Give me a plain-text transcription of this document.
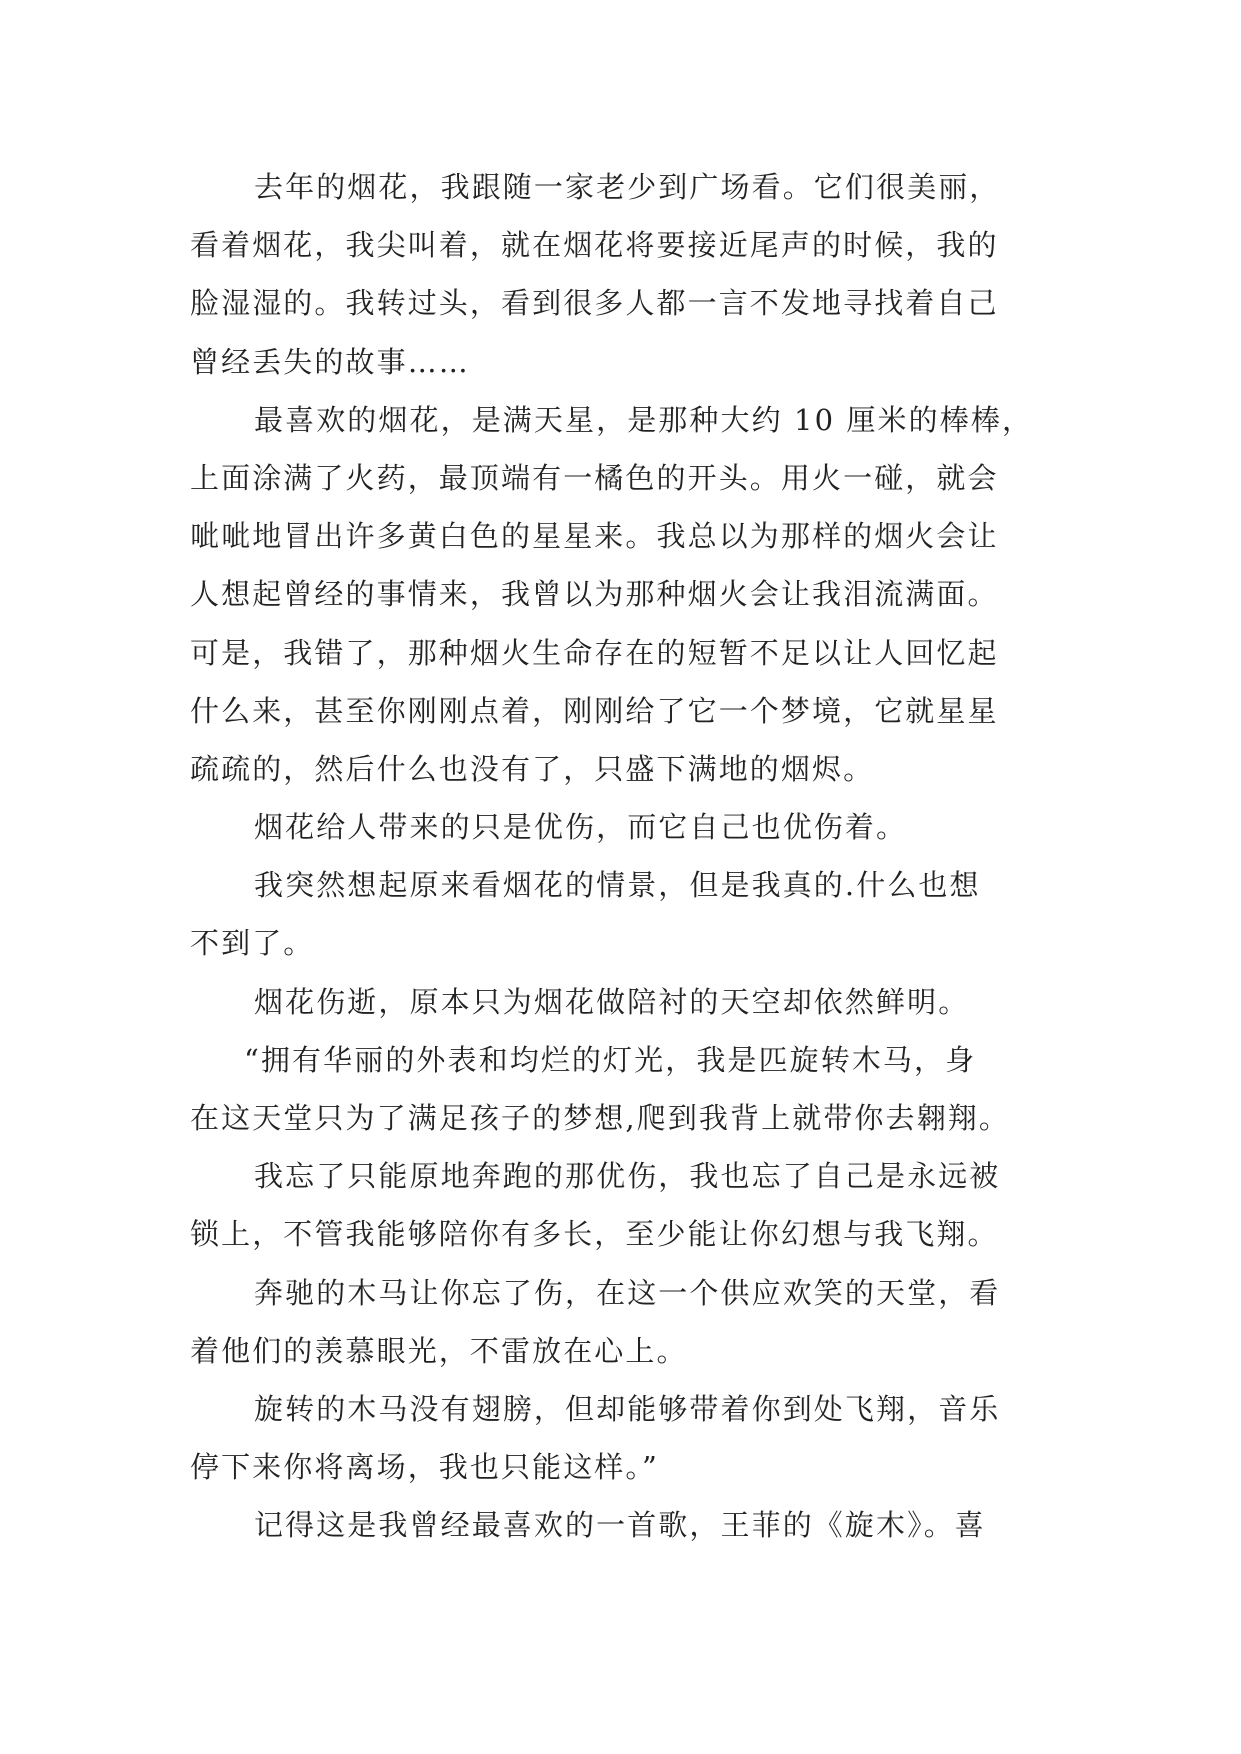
去年的烟花，我跟随一家老少到广场看。它们很美丽，
看着烟花，我尖叫着，就在烟花将要接近尾声的时候，我的
脸湿湿的。我转过头，看到很多人都一言不发地寻找着自己
曾经丢失的故事……
最喜欢的烟花，是满天星，是那种大约 10 厘米的棒棒，
上面涂满了火药，最顶端有一橘色的开头。用火一碰，就会
呲呲地冒出许多黄白色的星星来。我总以为那样的烟火会让
人想起曾经的事情来，我曾以为那种烟火会让我泪流满面。
可是，我错了，那种烟火生命存在的短暂不足以让人回忆起
什么来，甚至你刚刚点着，刚刚给了它一个梦境，它就星星
疏疏的，然后什么也没有了，只盛下满地的烟烬。
烟花给人带来的只是优伤，而它自己也优伤着。
我突然想起原来看烟花的情景，但是我真的.什么也想
不到了。
烟花伤逝，原本只为烟花做陪衬的天空却依然鲜明。
“拥有华丽的外表和均烂的灯光，我是匹旋转木马，身
在这天堂只为了满足孩子的梦想,爬到我背上就带你去翱翔。
我忘了只能原地奔跑的那优伤，我也忘了自己是永远被
锁上，不管我能够陪你有多长，至少能让你幻想与我飞翔。
奔驰的木马让你忘了伤，在这一个供应欢笑的天堂，看
着他们的羡慕眼光，不雷放在心上。
旋转的木马没有翅膀，但却能够带着你到处飞翔，音乐
停下来你将离场，我也只能这样。”
记得这是我曾经最喜欢的一首歌，王菲的《旋木》。喜
